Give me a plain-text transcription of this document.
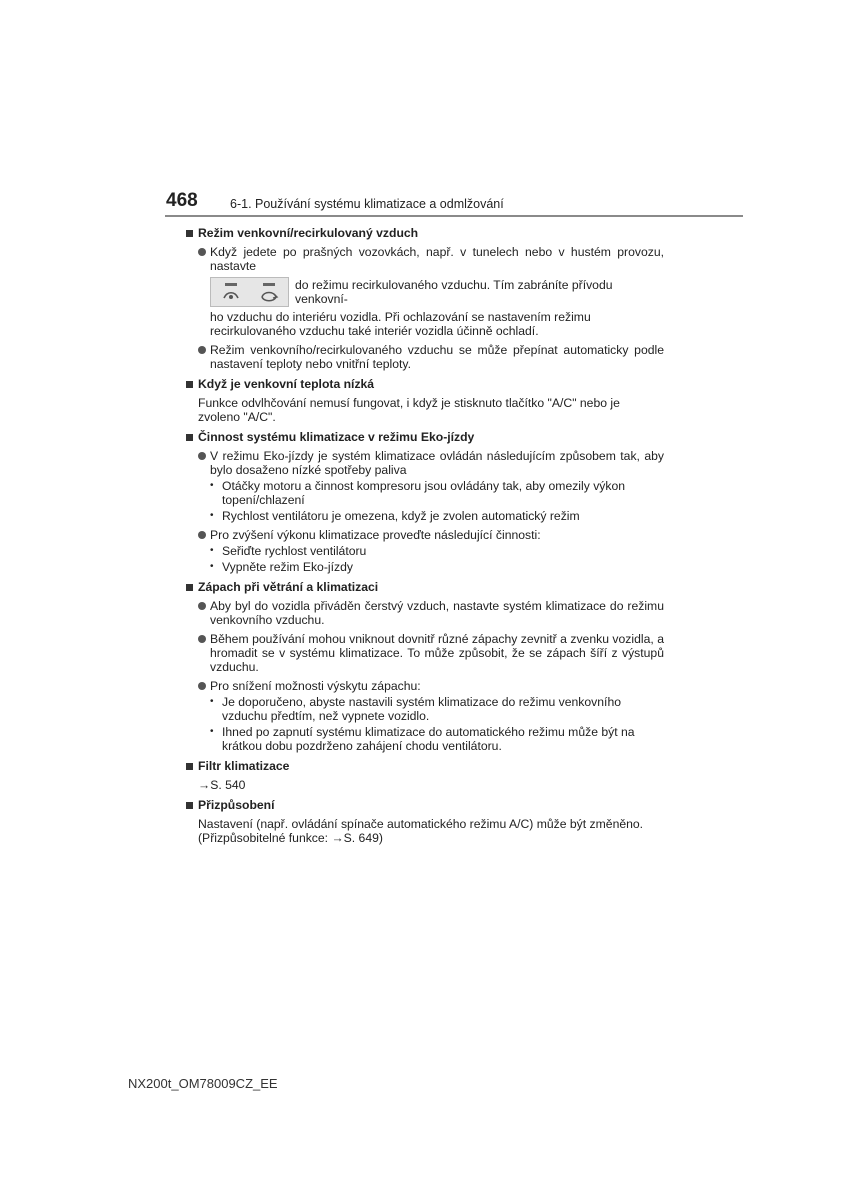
468	6-1. Používání systému klimatizace a odmlžování
Režim venkovní/recirkulovaný vzduch
Když jedete po prašných vozovkách, např. v tunelech nebo v hustém provozu, nastavte
do režimu recirkulovaného vzduchu. Tím zabráníte přívodu venkovní-
ho vzduchu do interiéru vozidla. Při ochlazování se nastavením režimu recirkulovaného vzduchu také interiér vozidla účinně ochladí.
Režim venkovního/recirkulovaného vzduchu se může přepínat automaticky podle nastavení teploty nebo vnitřní teploty.
Když je venkovní teplota nízká
Funkce odvlhčování nemusí fungovat, i když je stisknuto tlačítko "A/C" nebo je zvoleno "A/C".
Činnost systému klimatizace v režimu Eko-jízdy
V režimu Eko-jízdy je systém klimatizace ovládán následujícím způsobem tak, aby bylo dosaženo nízké spotřeby paliva
• Otáčky motoru a činnost kompresoru jsou ovládány tak, aby omezily výkon topení/chlazení
• Rychlost ventilátoru je omezena, když je zvolen automatický režim
Pro zvýšení výkonu klimatizace proveďte následující činnosti:
• Seřiďte rychlost ventilátoru
• Vypněte režim Eko-jízdy
Zápach při větrání a klimatizaci
Aby byl do vozidla přiváděn čerstvý vzduch, nastavte systém klimatizace do režimu venkovního vzduchu.
Během používání mohou vniknout dovnitř různé zápachy zevnitř a zvenku vozidla, a hromadit se v systému klimatizace. To může způsobit, že se zápach šíří z výstupů vzduchu.
Pro snížení možnosti výskytu zápachu:
• Je doporučeno, abyste nastavili systém klimatizace do režimu venkovního vzduchu předtím, než vypnete vozidlo.
• Ihned po zapnutí systému klimatizace do automatického režimu může být na krátkou dobu pozdrženo zahájení chodu ventilátoru.
Filtr klimatizace
→S. 540
Přizpůsobení
Nastavení (např. ovládání spínače automatického režimu A/C) může být změněno.
(Přizpůsobitelné funkce: →S. 649)
NX200t_OM78009CZ_EE
